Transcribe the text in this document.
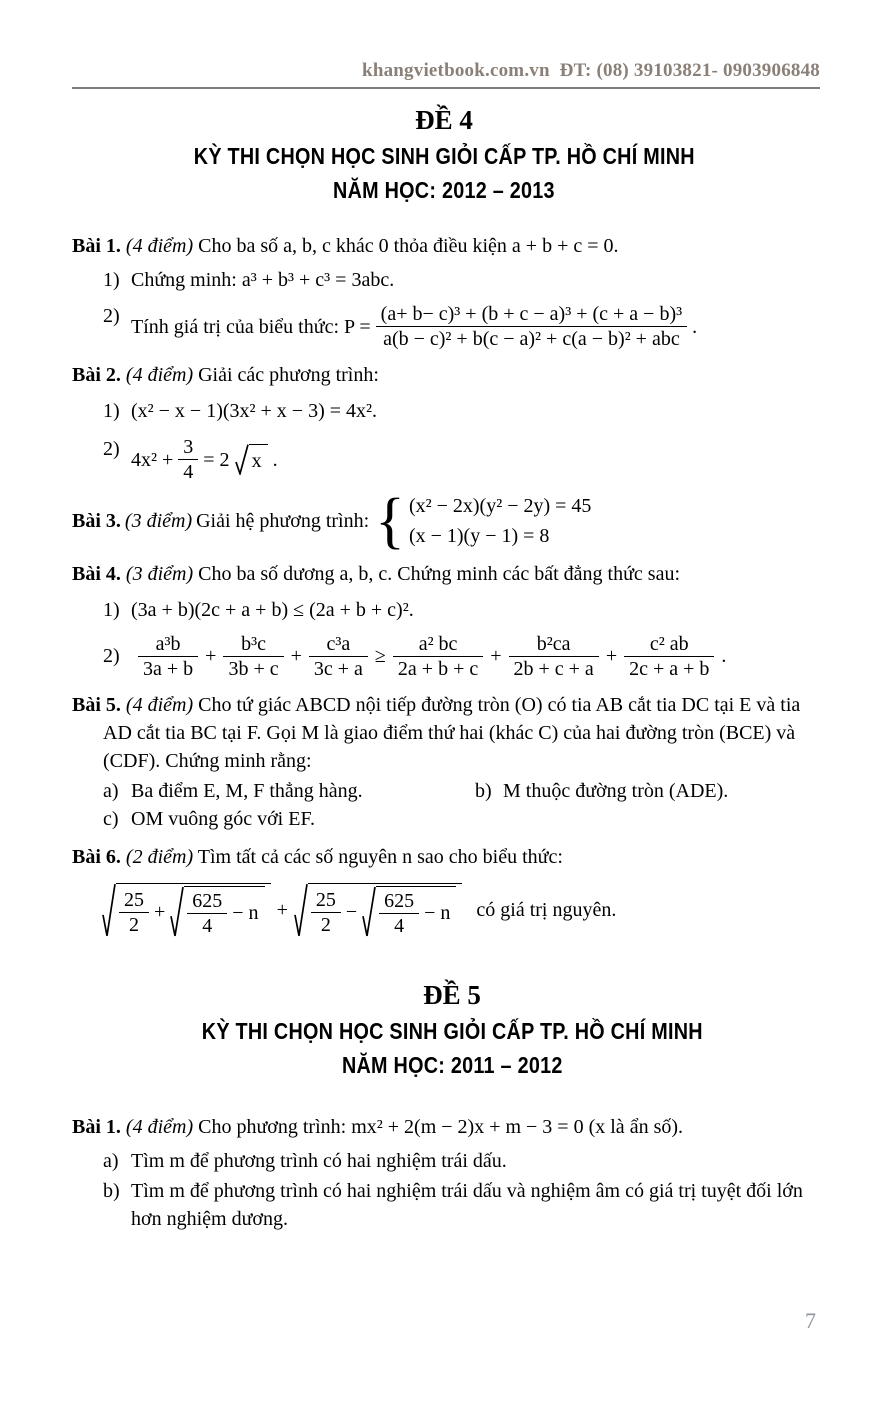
khangvietbook.com.vn  ĐT: (08) 39103821- 0903906848
ĐỀ 4
KỲ THI CHỌN HỌC SINH GIỎI CẤP TP. HỒ CHÍ MINH
NĂM HỌC: 2012 – 2013
Bài 1. (4 điểm) Cho ba số a, b, c khác 0 thỏa điều kiện a + b + c = 0.
1) Chứng minh: a³ + b³ + c³ = 3abc.
2) Tính giá trị của biểu thức: $P = \frac{\text{(a+ b− c)³ + (b + c − a)³ + (c + a − b)³}}{\text{a(b − c)² + b(c − a)² + c(a − b)² + abc}}$ .
Bài 2. (4 điểm) Giải các phương trình:
1) (x² − x − 1)(3x² + x − 3) = 4x².
2) $4x^2 + \frac{3}{4} = 2$ x .
Bài 3. (3 điểm) Giải hệ phương trình: { (x² − 2x)(y² − 2y) = 45
(x − 1)(y − 1) = 8
Bài 4. (3 điểm) Cho ba số dương a, b, c. Chứng minh các bất đẳng thức sau:
1) (3a + b)(2c + a + b) ≤ (2a + b + c)².
$2) \frac{\text{a³b}}{3a + b} + \frac{\text{b³c}}{3b + c} + \frac{\text{c³a}}{3c + a} \ge \frac{\text{a² bc}}{2a + b + c} + \frac{\text{b²ca}}{2b + c + a} + \frac{\text{c² ab}}{2c + a + b}$ .
Bài 5. (4 điểm) Cho tứ giác ABCD nội tiếp đường tròn (O) có tia AB cắt tia DC tại E và tia AD cắt tia BC tại F. Gọi M là giao điểm thứ hai (khác C) của hai đường tròn (BCE) và (CDF). Chứng minh rằng:
a) Ba điểm E, M, F thẳng hàng.	b) M thuộc đường tròn (ADE).
c) OM vuông góc với EF.
Bài 6. (2 điểm) Tìm tất cả các số nguyên n sao cho biểu thức:
$\frac{25}{2} + \frac{625}{4} - n + \frac{25}{2} - \frac{625}{4} - n$ có giá trị nguyên.
ĐỀ 5
KỲ THI CHỌN HỌC SINH GIỎI CẤP TP. HỒ CHÍ MINH
NĂM HỌC: 2011 – 2012
Bài 1. (4 điểm) Cho phương trình: mx² + 2(m − 2)x + m − 3 = 0 (x là ẩn số).
a) Tìm m để phương trình có hai nghiệm trái dấu.
b) Tìm m để phương trình có hai nghiệm trái dấu và nghiệm âm có giá trị tuyệt đối lớn hơn nghiệm dương.
7
